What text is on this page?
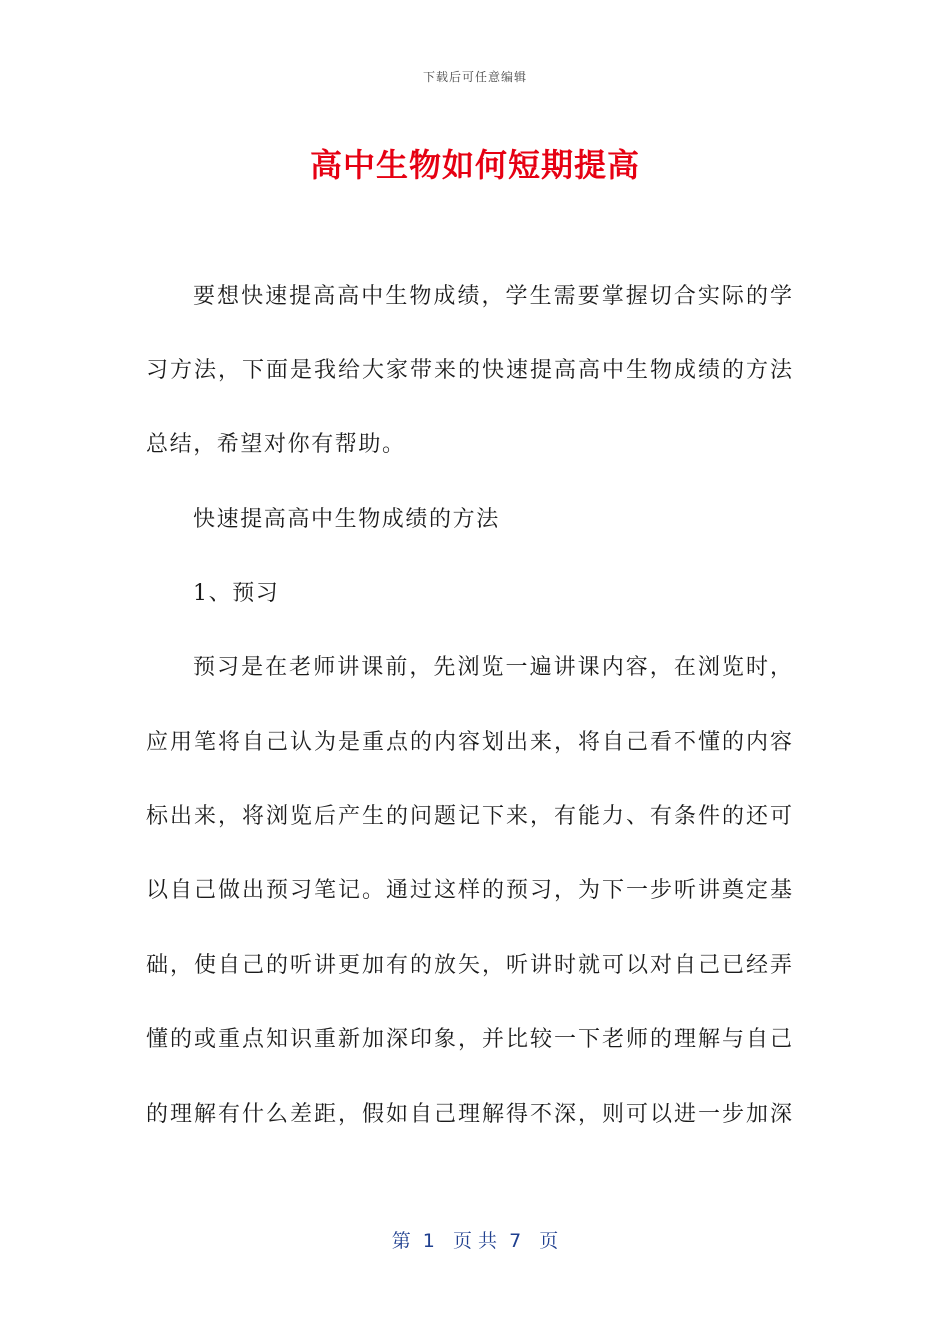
下载后可任意编辑
高中生物如何短期提高
要想快速提高高中生物成绩，学生需要掌握切合实际的学
习方法，下面是我给大家带来的快速提高高中生物成绩的方法
总结，希望对你有帮助。
快速提高高中生物成绩的方法
1、预习
预习是在老师讲课前，先浏览一遍讲课内容，在浏览时，
应用笔将自己认为是重点的内容划出来，将自己看不懂的内容
标出来，将浏览后产生的问题记下来，有能力、有条件的还可
以自己做出预习笔记。通过这样的预习，为下一步听讲奠定基
础，使自己的听讲更加有的放矢，听讲时就可以对自己已经弄
懂的或重点知识重新加深印象，并比较一下老师的理解与自己
的理解有什么差距，假如自己理解得不深，则可以进一步加深
第  1   页 共  7   页
